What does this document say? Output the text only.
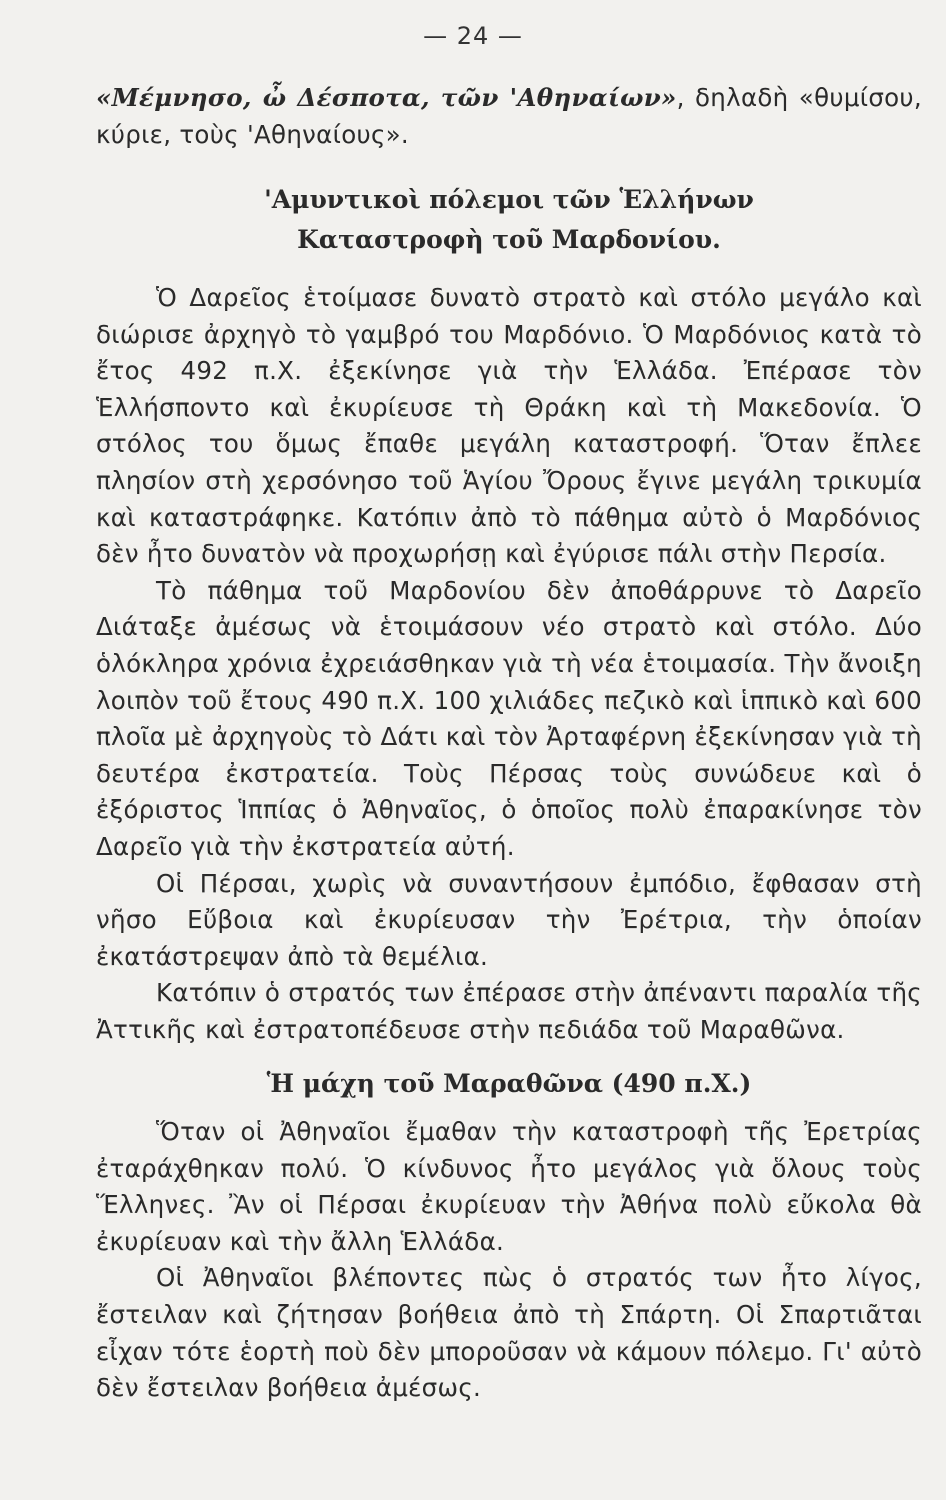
— 24 —

«Μέμνησο, ὦ Δέσποτα, τῶν 'Αθηναίων», δηλαδὴ «θυμίσου, κύριε, τοὺς 'Αθηναίους».

'Αμυντικοὶ πόλεμοι τῶν Ἑλλήνων
Καταστροφὴ τοῦ Μαρδονίου.

Ὁ Δαρεῖος ἑτοίμασε δυνατὸ στρατὸ καὶ στόλο μεγάλο καὶ διώρισε ἀρχηγὸ τὸ γαμβρό του Μαρδόνιο. Ὁ Μαρδόνιος κατὰ τὸ ἔτος 492 π.Χ. ἐξεκίνησε γιὰ τὴν Ἑλλάδα. Ἐπέρασε τὸν Ἑλλήσποντο καὶ ἐκυρίευσε τὴ Θράκη καὶ τὴ Μακεδονία. Ὁ στόλος του ὅμως ἔπαθε μεγάλη καταστροφή. Ὅταν ἔπλεε πλησίον στὴ χερσόνησο τοῦ Ἁγίου Ὄρους ἔγινε μεγάλη τρικυμία καὶ καταστράφηκε. Κατόπιν ἀπὸ τὸ πάθημα αὐτὸ ὁ Μαρδόνιος δὲν ἦτο δυνατὸν νὰ προχωρήσῃ καὶ ἐγύρισε πάλι στὴν Περσία.

Τὸ πάθημα τοῦ Μαρδονίου δὲν ἀποθάρρυνε τὸ Δαρεῖο Διάταξε ἀμέσως νὰ ἑτοιμάσουν νέο στρατὸ καὶ στόλο. Δύο ὁλόκληρα χρόνια ἐχρειάσθηκαν γιὰ τὴ νέα ἑτοιμασία. Τὴν ἄνοιξη λοιπὸν τοῦ ἔτους 490 π.Χ. 100 χιλιάδες πεζικὸ καὶ ἱππικὸ καὶ 600 πλοῖα μὲ ἀρχηγοὺς τὸ Δάτι καὶ τὸν Ἀρταφέρνη ἐξεκίνησαν γιὰ τὴ δευτέρα ἐκστρατεία. Τοὺς Πέρσας τοὺς συνώδευε καὶ ὁ ἐξόριστος Ἱππίας ὁ Ἀθηναῖος, ὁ ὁποῖος πολὺ ἐπαρακίνησε τὸν Δαρεῖο γιὰ τὴν ἐκστρατεία αὐτή.

Οἱ Πέρσαι, χωρὶς νὰ συναντήσουν ἐμπόδιο, ἔφθασαν στὴ νῆσο Εὔβοια καὶ ἐκυρίευσαν τὴν Ἐρέτρια, τὴν ὁποίαν ἐκατάστρεψαν ἀπὸ τὰ θεμέλια.

Κατόπιν ὁ στρατός των ἐπέρασε στὴν ἀπέναντι παραλία τῆς Ἀττικῆς καὶ ἐστρατοπέδευσε στὴν πεδιάδα τοῦ Μαραθῶνα.

Ἡ μάχη τοῦ Μαραθῶνα (490 π.Χ.)

Ὅταν οἱ Ἀθηναῖοι ἔμαθαν τὴν καταστροφὴ τῆς Ἐρετρίας ἐταράχθηκαν πολύ. Ὁ κίνδυνος ἦτο μεγάλος γιὰ ὅλους τοὺς Ἕλληνες. Ἂν οἱ Πέρσαι ἐκυρίευαν τὴν Ἀθήνα πολὺ εὔκολα θὰ ἐκυρίευαν καὶ τὴν ἄλλη Ἑλλάδα.

Οἱ Ἀθηναῖοι βλέποντες πὼς ὁ στρατός των ἦτο λίγος, ἔστειλαν καὶ ζήτησαν βοήθεια ἀπὸ τὴ Σπάρτη. Οἱ Σπαρτιᾶται εἶχαν τότε ἑορτὴ ποὺ δὲν μποροῦσαν νὰ κάμουν πόλεμο. Γι' αὐτὸ δὲν ἔστειλαν βοήθεια ἀμέσως.
